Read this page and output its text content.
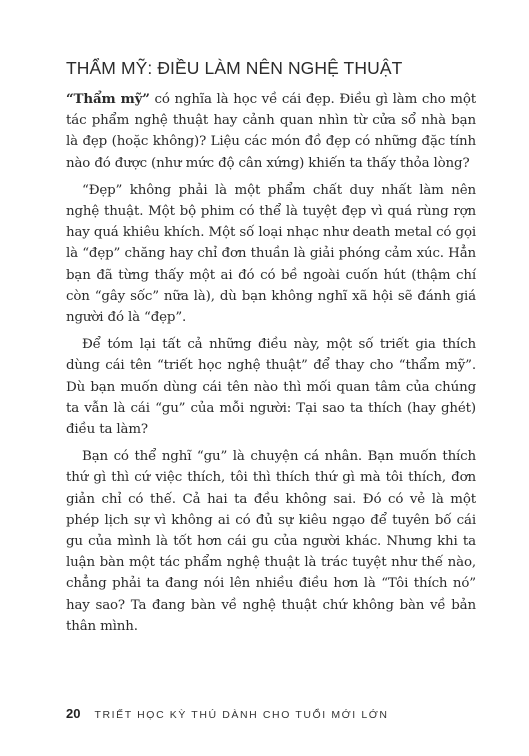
THẨM MỸ: ĐIỀU LÀM NÊN NGHỆ THUẬT

“Thẩm mỹ” có nghĩa là học về cái đẹp. Điều gì làm cho một tác phẩm nghệ thuật hay cảnh quan nhìn từ cửa sổ nhà bạn là đẹp (hoặc không)? Liệu các món đồ đẹp có những đặc tính nào đó được (như mức độ cân xứng) khiến ta thấy thỏa lòng?

“Đẹp” không phải là một phẩm chất duy nhất làm nên nghệ thuật. Một bộ phim có thể là tuyệt đẹp vì quá rùng rợn hay quá khiêu khích. Một số loại nhạc như death metal có gọi là “đẹp” chăng hay chỉ đơn thuần là giải phóng cảm xúc. Hẳn bạn đã từng thấy một ai đó có bề ngoài cuốn hút (thậm chí còn “gây sốc” nữa là), dù bạn không nghĩ xã hội sẽ đánh giá người đó là “đẹp”.

Để tóm lại tất cả những điều này, một số triết gia thích dùng cái tên “triết học nghệ thuật” để thay cho “thẩm mỹ”. Dù bạn muốn dùng cái tên nào thì mối quan tâm của chúng ta vẫn là cái “gu” của mỗi người: Tại sao ta thích (hay ghét) điều ta làm?

Bạn có thể nghĩ “gu” là chuyện cá nhân. Bạn muốn thích thứ gì thì cứ việc thích, tôi thì thích thứ gì mà tôi thích, đơn giản chỉ có thế. Cả hai ta đều không sai. Đó có vẻ là một phép lịch sự vì không ai có đủ sự kiêu ngạo để tuyên bố cái gu của mình là tốt hơn cái gu của người khác. Nhưng khi ta luận bàn một tác phẩm nghệ thuật là trác tuyệt như thế nào, chẳng phải ta đang nói lên nhiều điều hơn là “Tôi thích nó” hay sao? Ta đang bàn về nghệ thuật chứ không bàn về bản thân mình.

20 TRIẾT HỌC KỲ THÚ DÀNH CHO TUỔI MỚI LỚN
